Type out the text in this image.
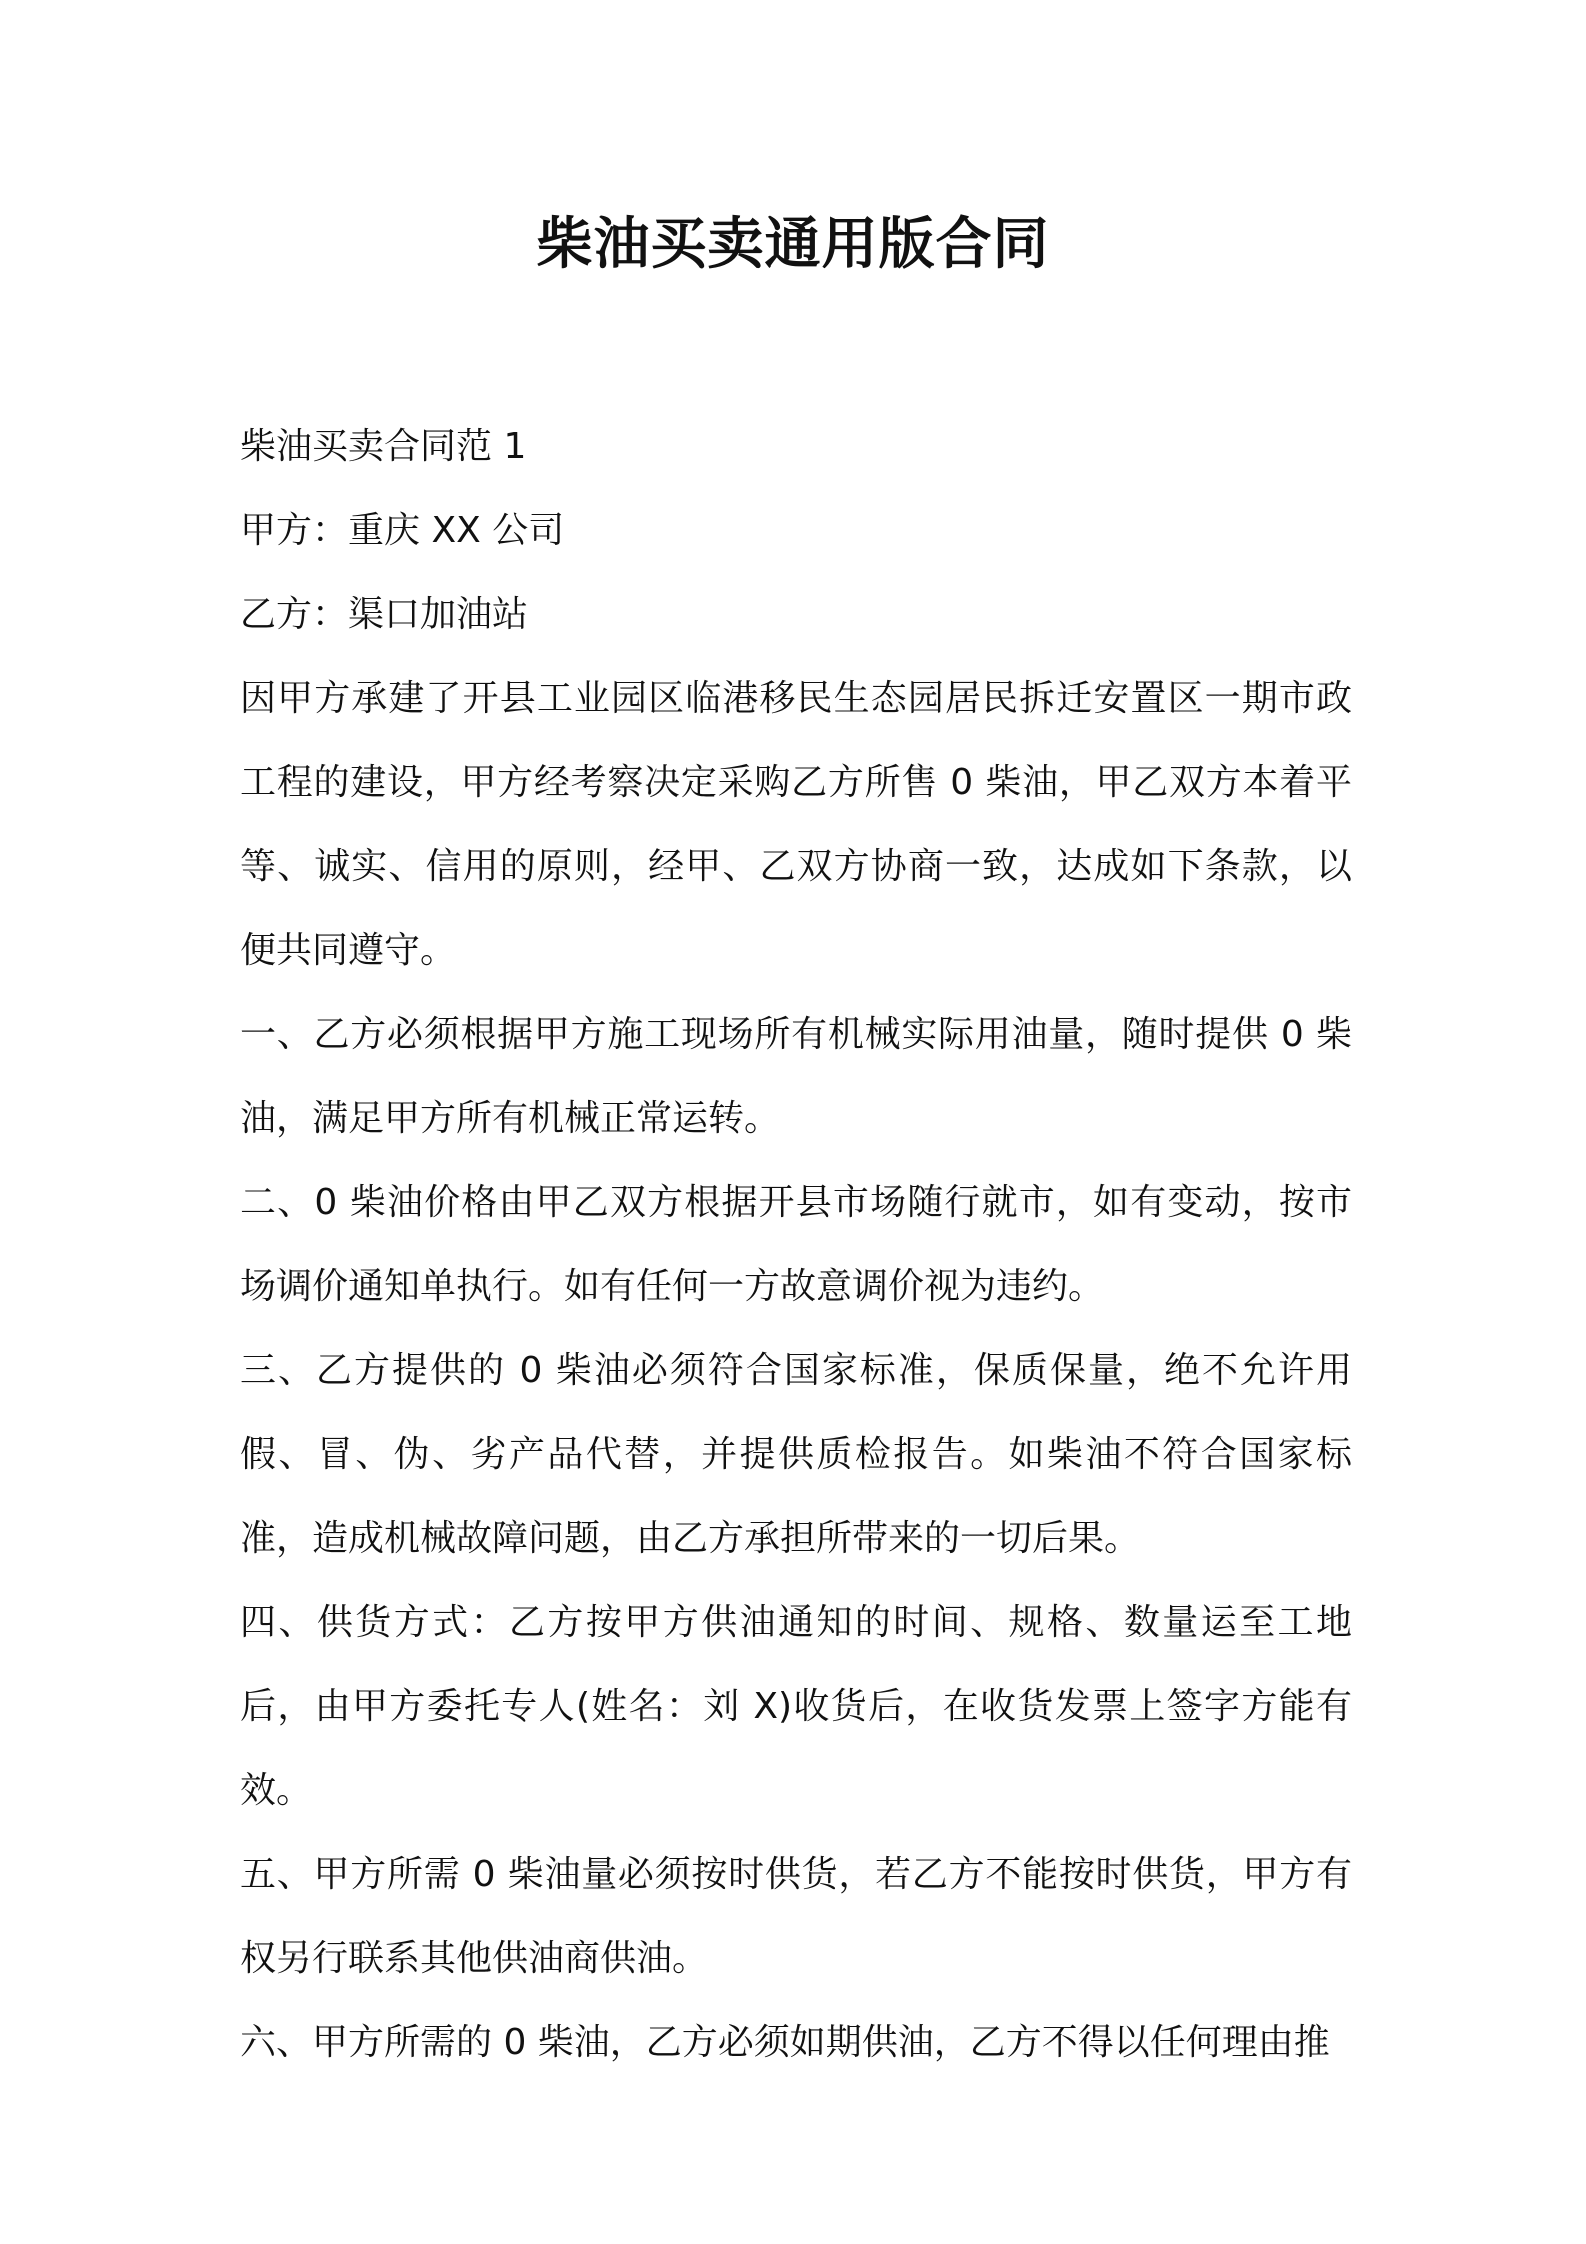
柴油买卖通用版合同

柴油买卖合同范 1

甲方：重庆 XX 公司

乙方：渠口加油站

因甲方承建了开县工业园区临港移民生态园居民拆迁安置区一期市政工程的建设，甲方经考察决定采购乙方所售 0 柴油，甲乙双方本着平等、诚实、信用的原则，经甲、乙双方协商一致，达成如下条款，以便共同遵守。

一、乙方必须根据甲方施工现场所有机械实际用油量，随时提供 0 柴油，满足甲方所有机械正常运转。

二、0 柴油价格由甲乙双方根据开县市场随行就市，如有变动，按市场调价通知单执行。如有任何一方故意调价视为违约。

三、乙方提供的 0 柴油必须符合国家标准，保质保量，绝不允许用假、冒、伪、劣产品代替，并提供质检报告。如柴油不符合国家标准，造成机械故障问题，由乙方承担所带来的一切后果。

四、供货方式：乙方按甲方供油通知的时间、规格、数量运至工地后，由甲方委托专人(姓名：刘 X)收货后，在收货发票上签字方能有效。

五、甲方所需 0 柴油量必须按时供货，若乙方不能按时供货，甲方有权另行联系其他供油商供油。

六、甲方所需的 0 柴油，乙方必须如期供油，乙方不得以任何理由推
